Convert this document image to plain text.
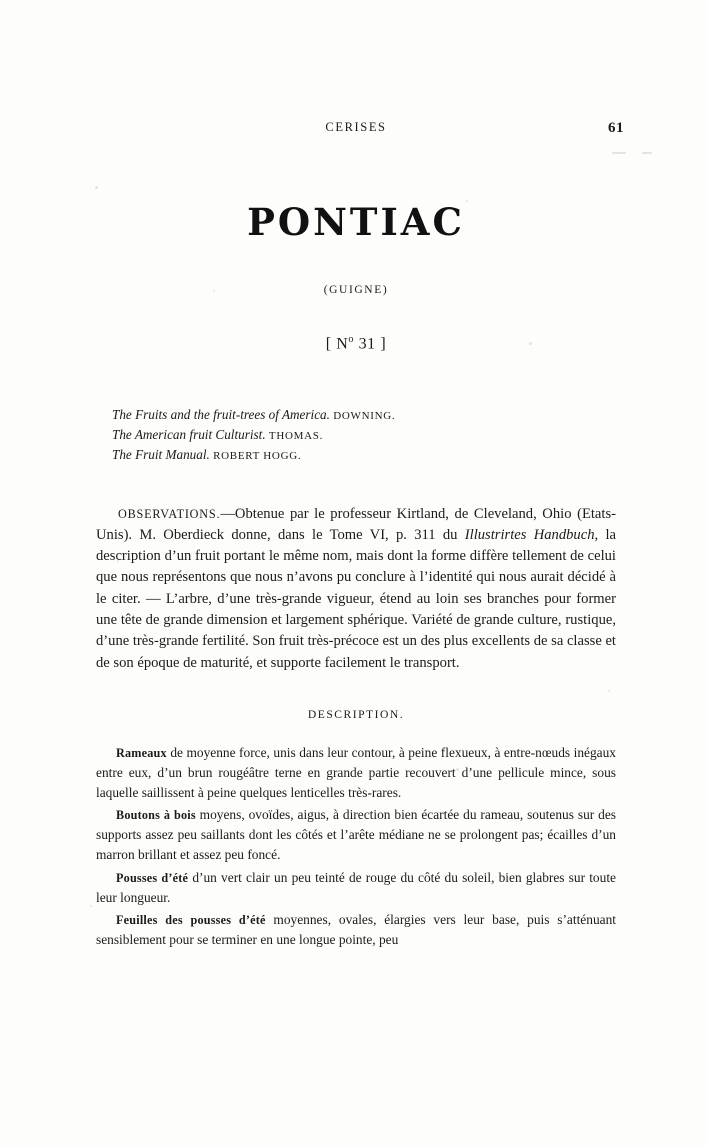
CERISES	61
PONTIAC
(GUIGNE)
[ $N^o$ 31 ]
The Fruits and the fruit-trees of America. DOWNING.
The American fruit Culturist. THOMAS.
The Fruit Manual. ROBERT HOGG.

OBSERVATIONS.—Obtenue par le professeur Kirtland, de Cleveland, Ohio (Etats-Unis). M. Oberdieck donne, dans le Tome VI, p. 311 du Illustrirtes Handbuch, la description d’un fruit portant le même nom, mais dont la forme diffère tellement de celui que nous représentons que nous n’avons pu conclure à l’identité qui nous aurait décidé à le citer. — L’arbre, d’une très-grande vigueur, étend au loin ses branches pour former une tête de grande dimension et largement sphérique. Variété de grande culture, rustique, d’une très-grande fertilité. Son fruit très-précoce est un des plus excellents de sa classe et de son époque de maturité, et supporte facilement le transport.

DESCRIPTION.

Rameaux de moyenne force, unis dans leur contour, à peine flexueux, à entre-nœuds inégaux entre eux, d’un brun rougéâtre terne en grande partie recouvert d’une pellicule mince, sous laquelle saillissent à peine quelques lenticelles très-rares.

Boutons à bois moyens, ovoïdes, aigus, à direction bien écartée du rameau, soutenus sur des supports assez peu saillants dont les côtés et l’arête médiane ne se prolongent pas; écailles d’un marron brillant et assez peu foncé.

Pousses d’été d’un vert clair un peu teinté de rouge du côté du soleil, bien glabres sur toute leur longueur.

Feuilles des pousses d’été moyennes, ovales, élargies vers leur base, puis s’atténuant sensiblement pour se terminer en une longue pointe, peu
